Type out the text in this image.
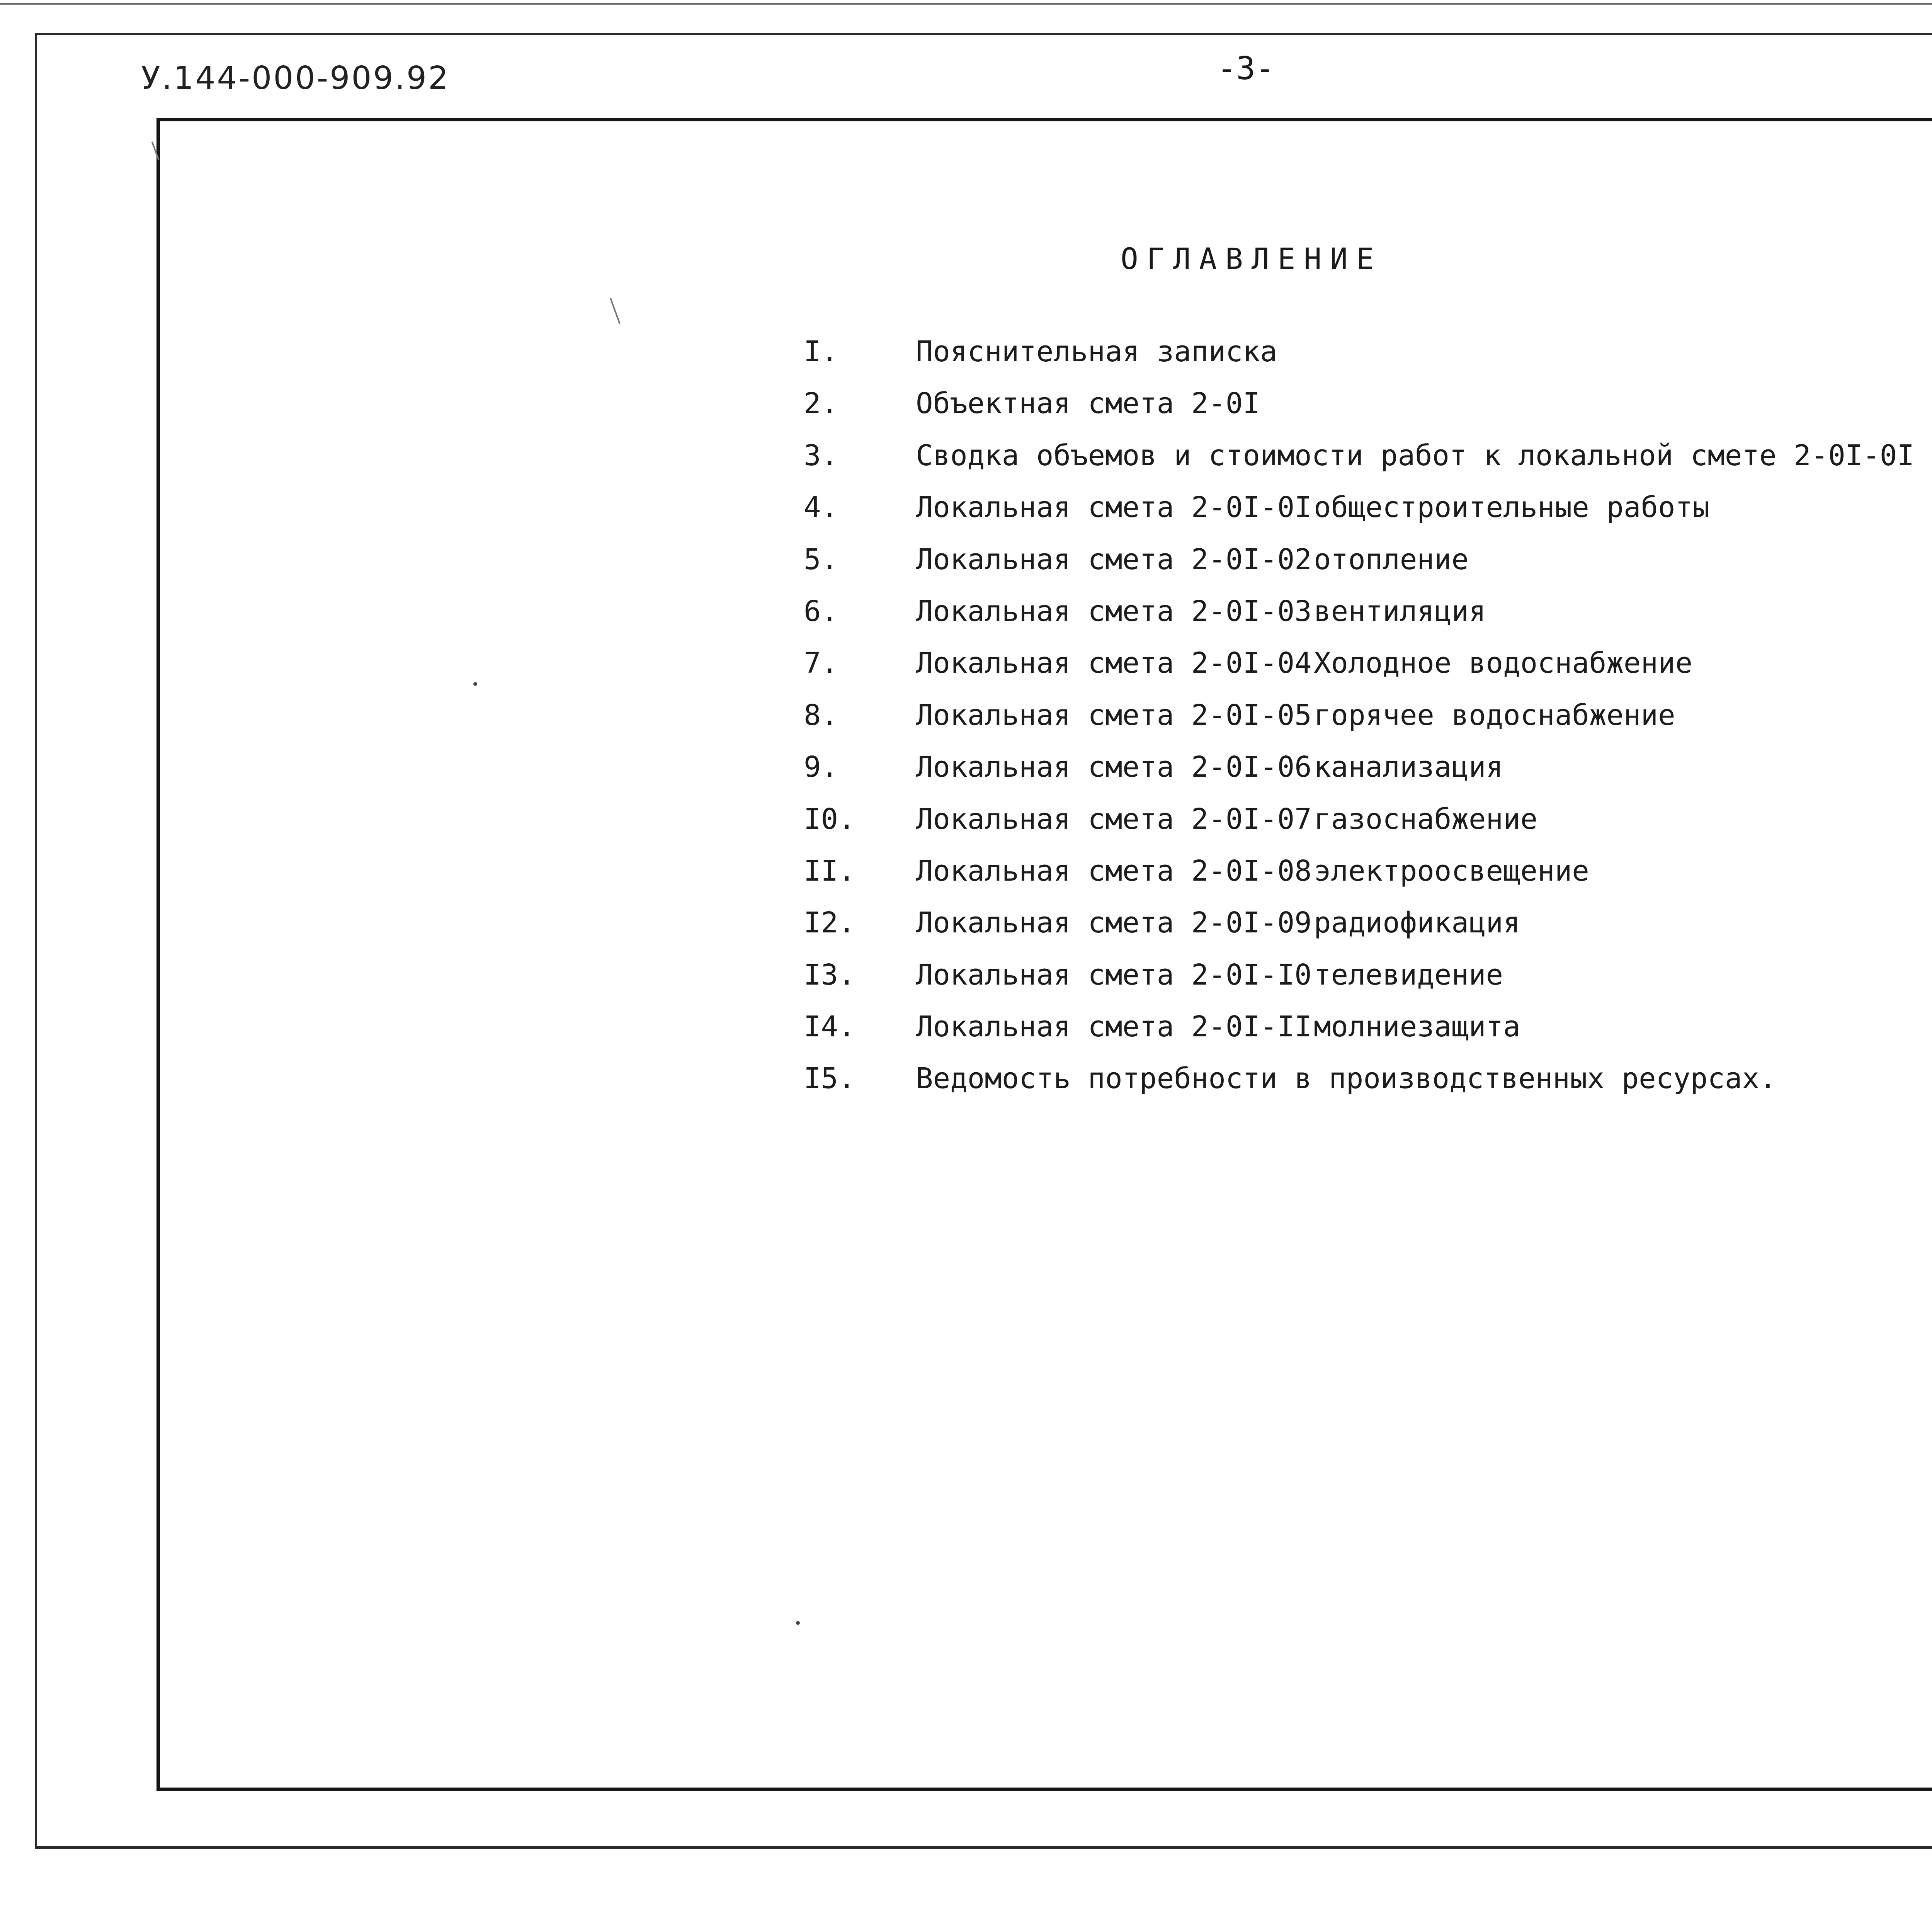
У.144-000-909.92	-3-
ОГЛАВЛЕНИЕ
I.	Пояснительная записка
2.	Объектная смета 2-0I
3.	Сводка объемов и стоимости работ к локальной смете 2-0I-0I
4.	Локальная смета 2-0I-0I общестроительные работы
5.	Локальная смета 2-0I-02 отопление
6.	Локальная смета 2-0I-03 вентиляция
7.	Локальная смета 2-0I-04 Холодное водоснабжение
8.	Локальная смета 2-0I-05 горячее водоснабжение
9.	Локальная смета 2-0I-06 канализация
I0. Локальная смета 2-0I-07 газоснабжение
II. Локальная смета 2-0I-08 электроосвещение
I2. Локальная смета 2-0I-09 радиофикация
I3. Локальная смета 2-0I-I0 телевидение
I4. Локальная смета 2-0I-II молниезащита
I5. Ведомость потребности в производственных ресурсах.
